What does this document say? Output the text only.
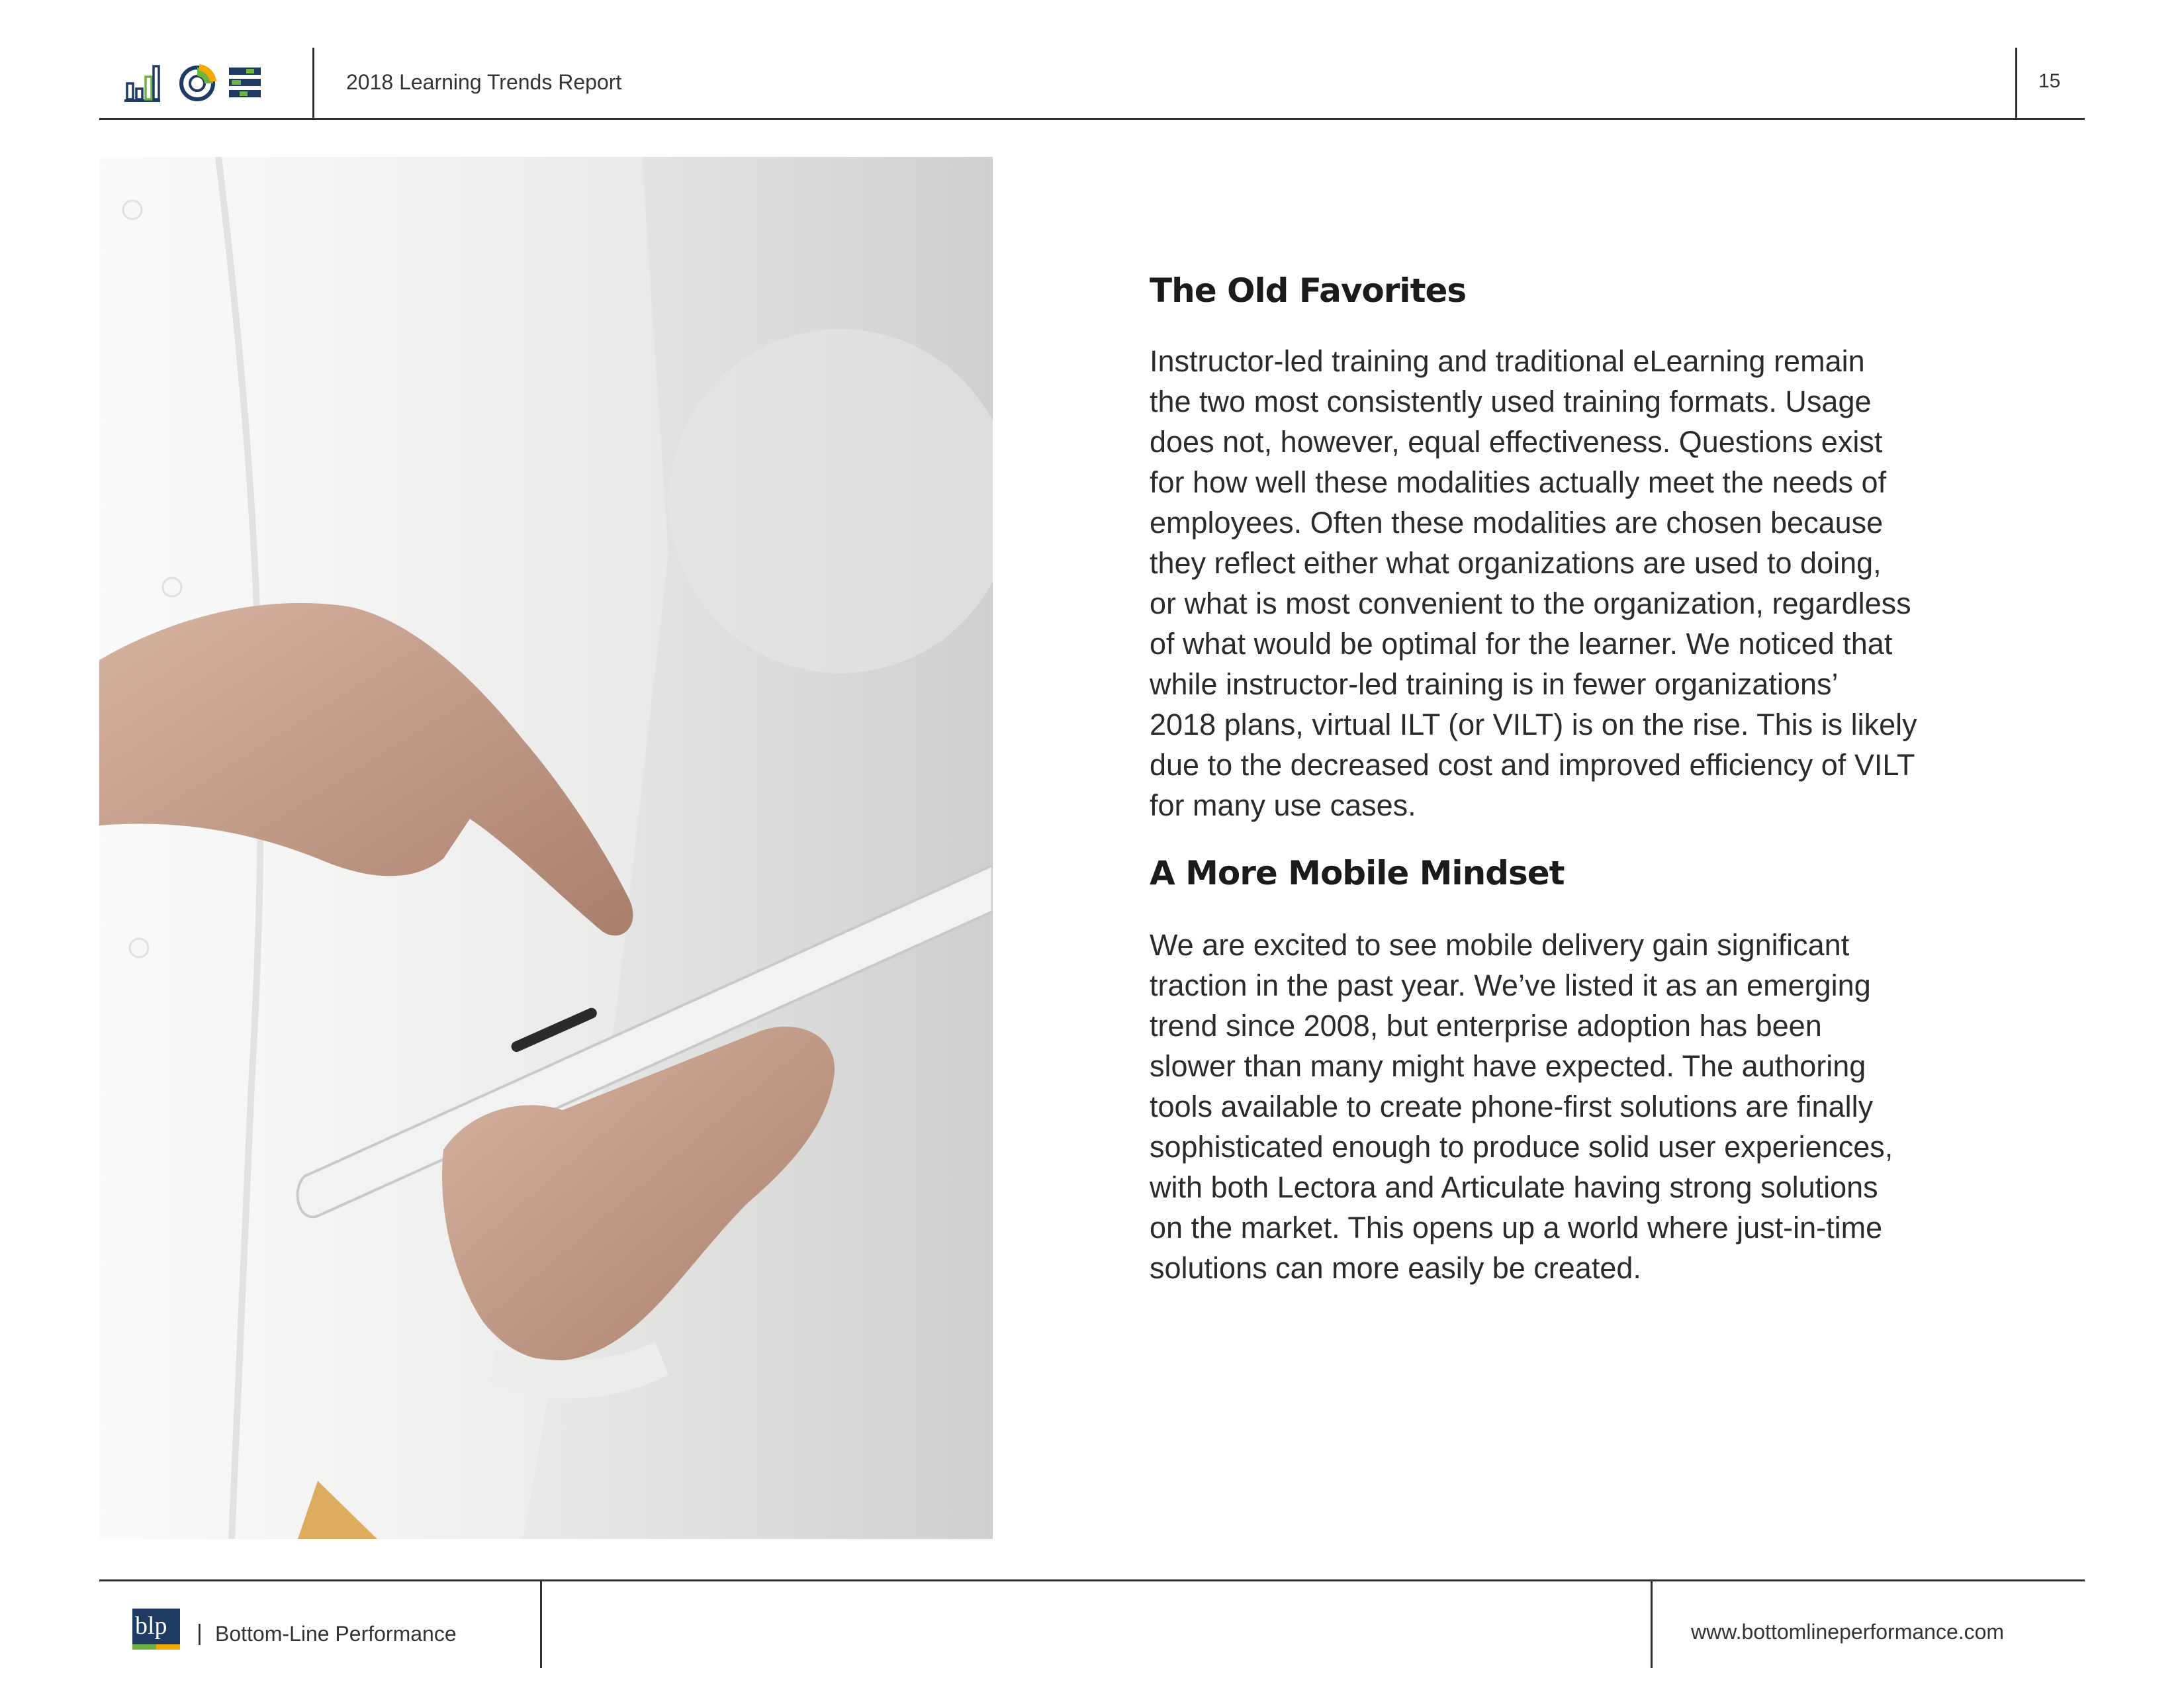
2018 Learning Trends Report	15
The Old Favorites

Instructor-led training and traditional eLearning remain
the two most consistently used training formats. Usage
does not, however, equal effectiveness. Questions exist
for how well these modalities actually meet the needs of
employees. Often these modalities are chosen because
they reflect either what organizations are used to doing,
or what is most convenient to the organization, regardless
of what would be optimal for the learner. We noticed that
while instructor-led training is in fewer organizations’
2018 plans, virtual ILT (or VILT) is on the rise. This is likely
due to the decreased cost and improved efficiency of VILT
for many use cases.

A More Mobile Mindset

We are excited to see mobile delivery gain significant
traction in the past year. We’ve listed it as an emerging
trend since 2008, but enterprise adoption has been
slower than many might have expected. The authoring
tools available to create phone-first solutions are finally
sophisticated enough to produce solid user experiences,
with both Lectora and Articulate having strong solutions
on the market. This opens up a world where just-in-time
solutions can more easily be created.

blp | Bottom-Line Performance	www.bottomlineperformance.com
